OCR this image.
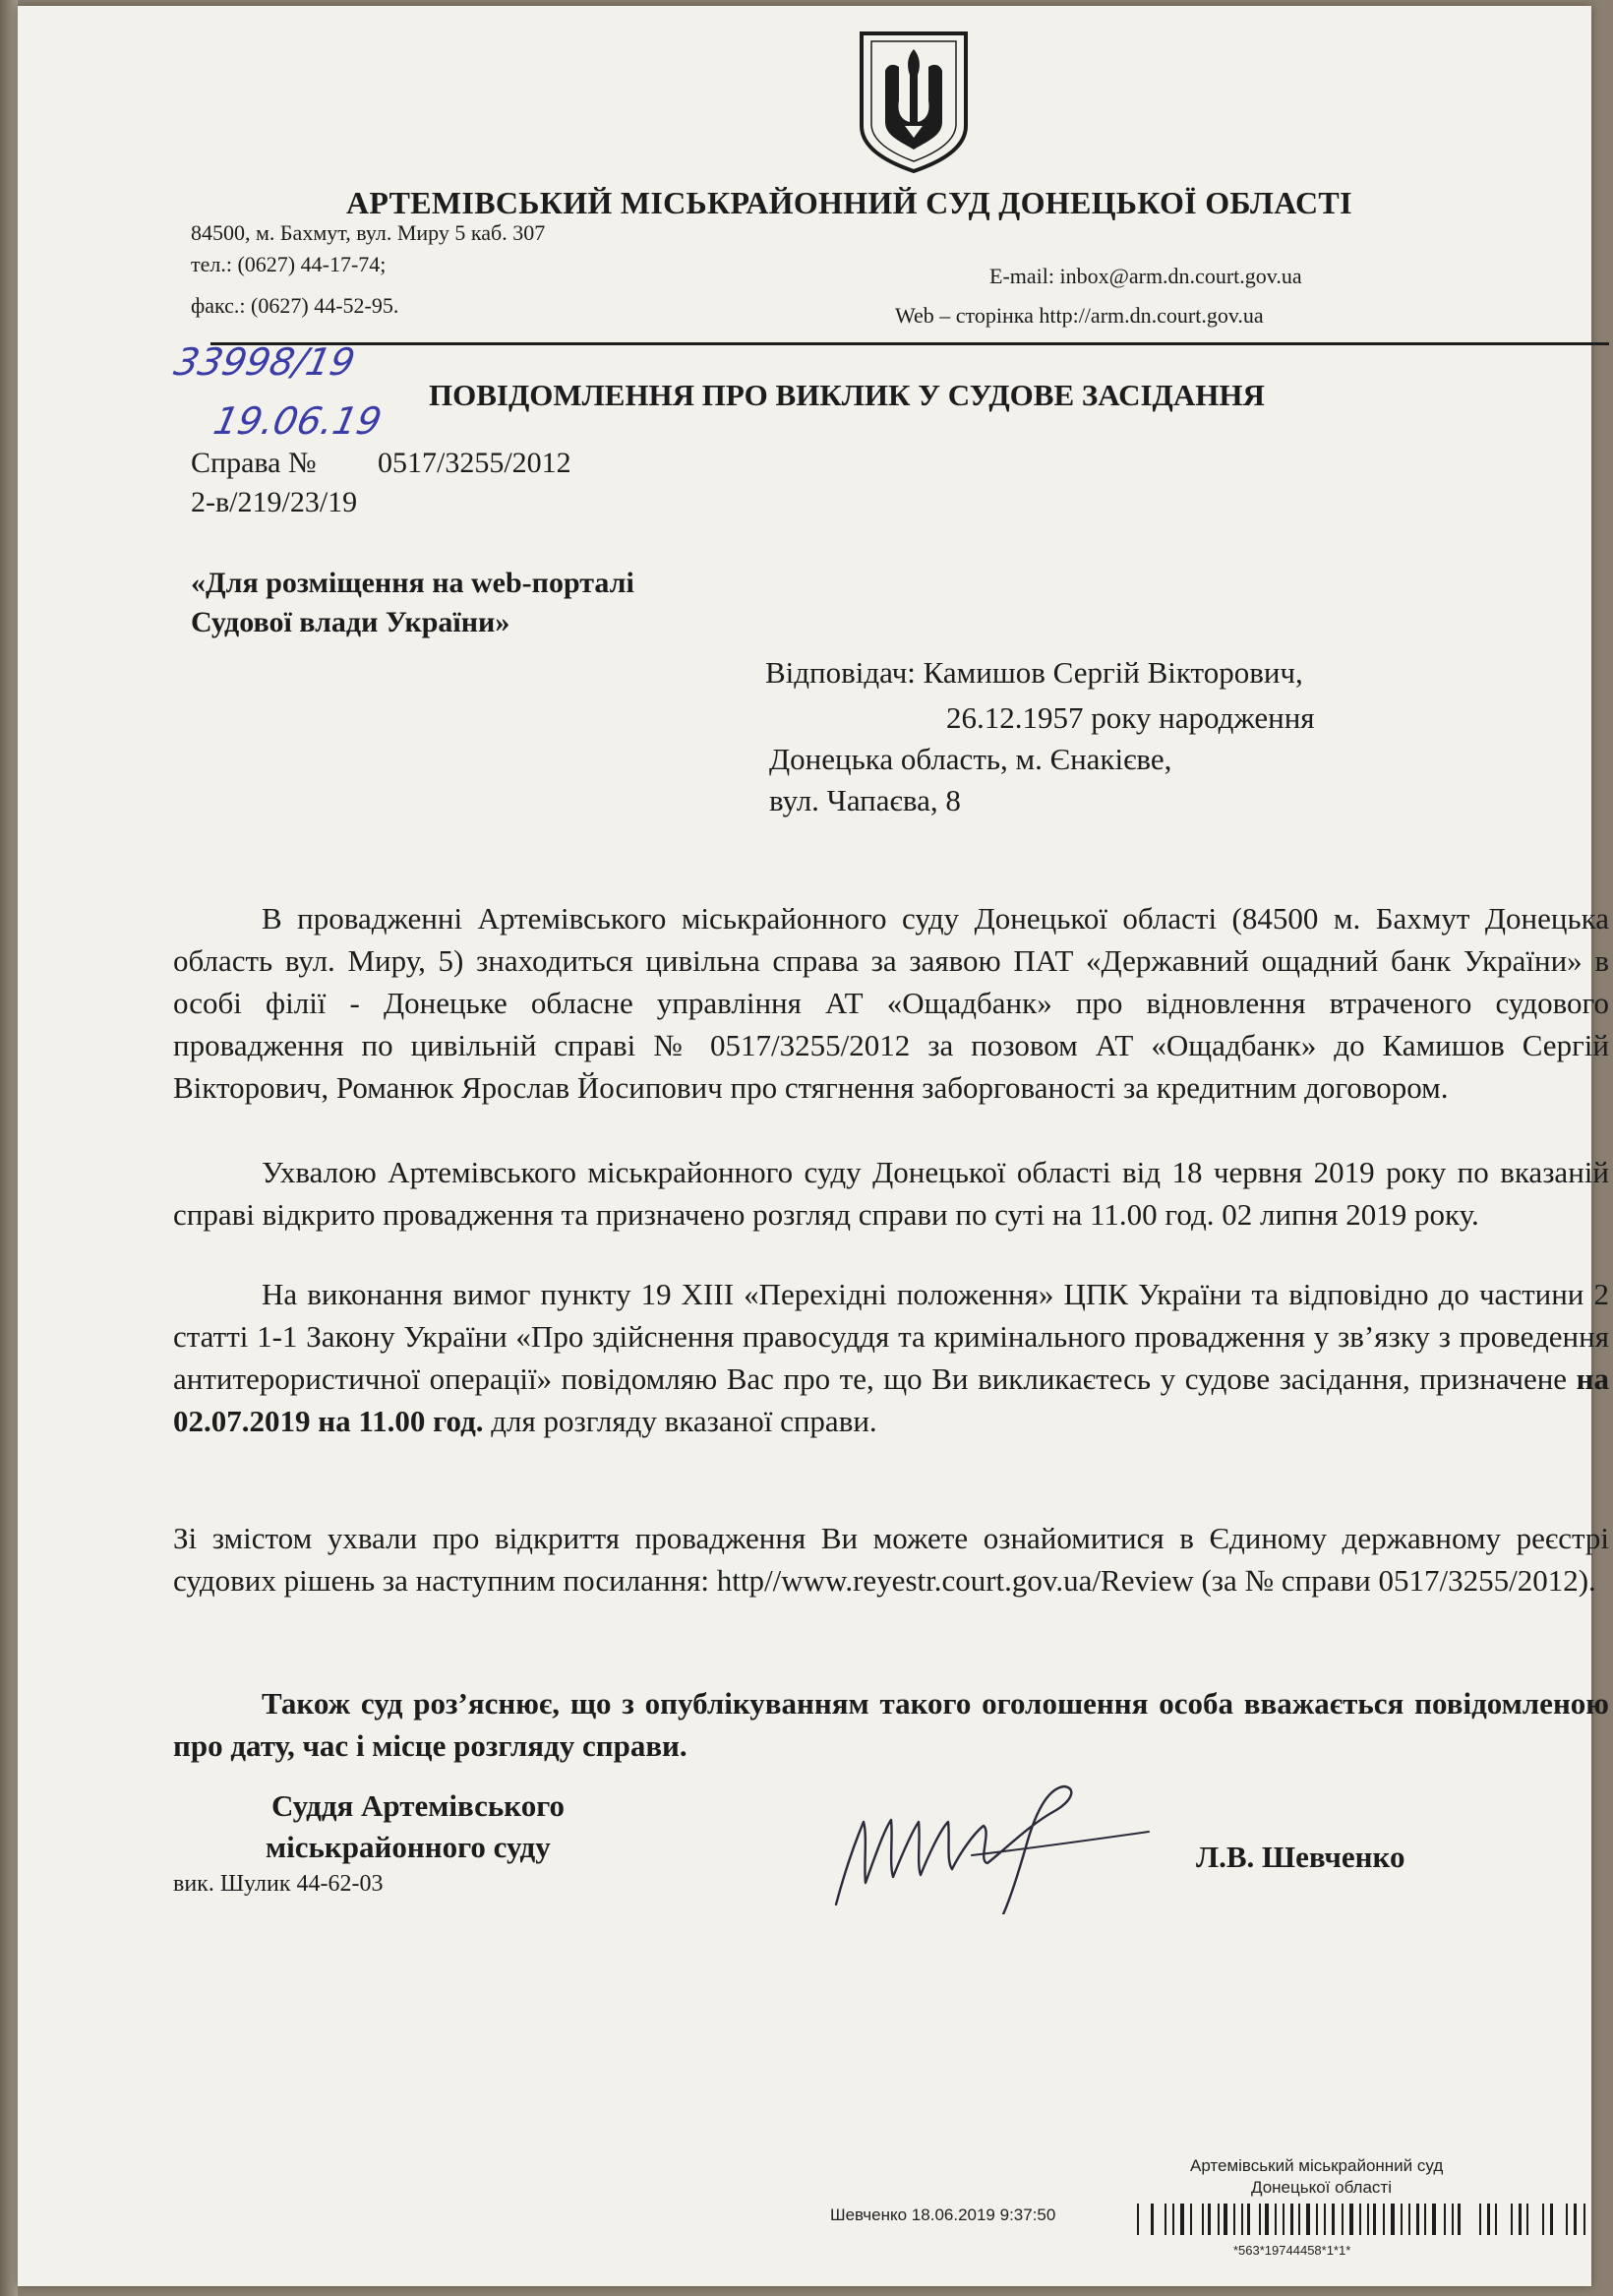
АРТЕМІВСЬКИЙ МІСЬКРАЙОННИЙ СУД ДОНЕЦЬКОЇ ОБЛАСТІ
84500, м. Бахмут, вул. Миру 5 каб. 307
тел.: (0627) 44-17-74;
факс.: (0627) 44-52-95.
E-mail: inbox@arm.dn.court.gov.ua
Web – сторінка http://arm.dn.court.gov.ua
33998/19
19.06.19
ПОВІДОМЛЕННЯ ПРО ВИКЛИК У СУДОВЕ ЗАСІДАННЯ
Справа № 0517/3255/2012
2-в/219/23/19
«Для розміщення на web-порталі
Судової влади України»
Відповідач: Камишов Сергій Вікторович,
26.12.1957 року народження
Донецька область, м. Єнакієве,
вул. Чапаєва, 8
В провадженні Артемівського міськрайонного суду Донецької області (84500 м. Бахмут Донецька область вул. Миру, 5) знаходиться цивільна справа за заявою ПАТ «Державний ощадний банк України» в особі філії - Донецьке обласне управління АТ «Ощадбанк» про відновлення втраченого судового провадження по цивільній справі № 0517/3255/2012 за позовом АТ «Ощадбанк» до Камишов Сергій Вікторович, Романюк Ярослав Йосипович про стягнення заборгованості за кредитним договором.
Ухвалою Артемівського міськрайонного суду Донецької області від 18 червня 2019 року по вказаній справі відкрито провадження та призначено розгляд справи по суті на 11.00 год. 02 липня 2019 року.
На виконання вимог пункту 19 ХІІІ «Перехідні положення» ЦПК України та відповідно до частини 2 статті 1-1 Закону України «Про здійснення правосуддя та кримінального провадження у зв’язку з проведення антитерористичної операції» повідомляю Вас про те, що Ви викликаєтесь у судове засідання, призначене на 02.07.2019 на 11.00 год. для розгляду вказаної справи.
Зі змістом ухвали про відкриття провадження Ви можете ознайомитися в Єдиному державному реєстрі судових рішень за наступним посилання: http//www.reyestr.court.gov.ua/Review (за № справи 0517/3255/2012).
Також суд роз’яснює, що з опублікуванням такого оголошення особа вважається повідомленою про дату, час і місце розгляду справи.
Суддя Артемівського
міськрайонного суду
вик. Шулик 44-62-03
Л.В. Шевченко
Артемівський міськрайонний суд
Донецької області
Шевченко 18.06.2019 9:37:50
*563*19744458*1*1*
